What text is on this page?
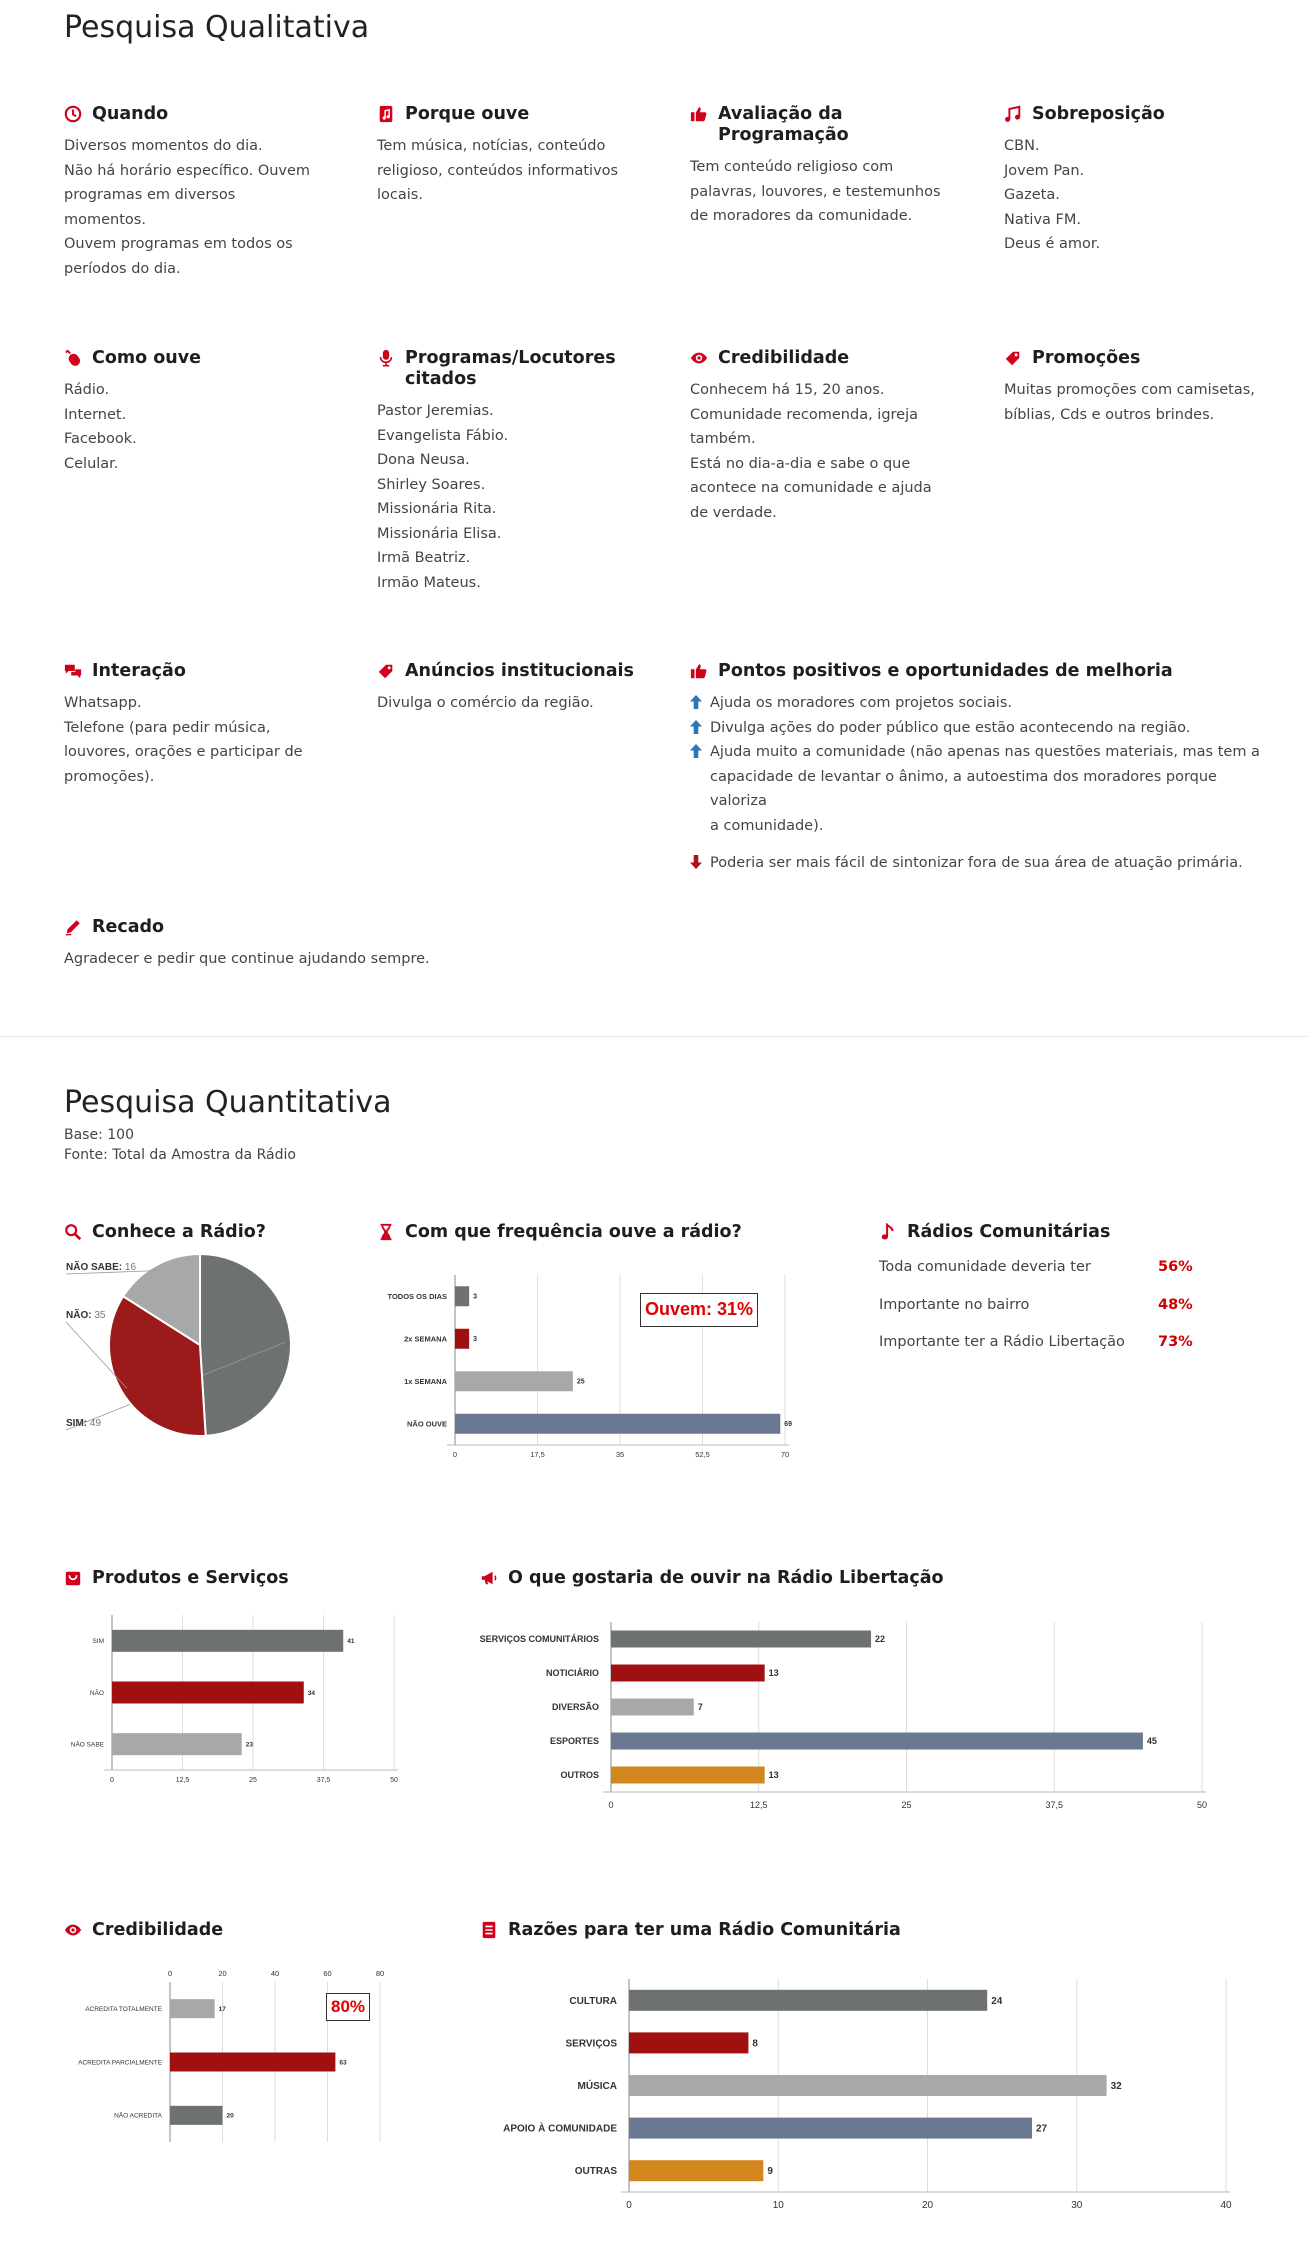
Pesquisa Qualitativa
Quando
Diversos momentos do dia.
Não há horário específico. Ouvem
programas em diversos
momentos.
Ouvem programas em todos os
períodos do dia.
Porque ouve
Tem música, notícias, conteúdo
religioso, conteúdos informativos
locais.
Avaliação da
Programação
Tem conteúdo religioso com
palavras, louvores, e testemunhos
de moradores da comunidade.
Sobreposição
CBN.
Jovem Pan.
Gazeta.
Nativa FM.
Deus é amor.
Como ouve
Rádio.
Internet.
Facebook.
Celular.
Programas/Locutores
citados
Pastor Jeremias.
Evangelista Fábio.
Dona Neusa.
Shirley Soares.
Missionária Rita.
Missionária Elisa.
Irmã Beatriz.
Irmão Mateus.
Credibilidade
Conhecem há 15, 20 anos.
Comunidade recomenda, igreja
também.
Está no dia-a-dia e sabe o que
acontece na comunidade e ajuda
de verdade.
Promoções
Muitas promoções com camisetas,
bíblias, Cds e outros brindes.
Interação
Whatsapp.
Telefone (para pedir música,
louvores, orações e participar de
promoções).
Anúncios institucionais
Divulga o comércio da região.
Pontos positivos e oportunidades de melhoria
Ajuda os moradores com projetos sociais.
Divulga ações do poder público que estão acontecendo na região.
Ajuda muito a comunidade (não apenas nas questões materiais, mas tem a
capacidade de levantar o ânimo, a autoestima dos moradores porque valoriza
a comunidade).
Poderia ser mais fácil de sintonizar fora de sua área de atuação primária.
Recado
Agradecer e pedir que continue ajudando sempre.
Pesquisa Quantitativa
Base: 100
Fonte: Total da Amostra da Rádio
Conhece a Rádio?
SIM: 49
NÃO: 35
NÃO SABE: 16
Com que frequência ouve a rádio?
0	17,5	35	52,5	70
TODOS OS DIAS	3
2x SEMANA	3
1x SEMANA	25
NÃO OUVE	69
Ouvem: 31%
Rádios Comunitárias
Toda comunidade deveria ter	56%
Importante no bairro	48%
Importante ter a Rádio Libertação 73%
Produtos e Serviços
0	12,5	25	37,5	50
SIM	41
NÃO	34
NÃO SABE	23
O que gostaria de ouvir na Rádio Libertação
0	12,5	25	37,5	50
SERVIÇOS COMUNITÁRIOS	22
NOTICIÁRIO	13
DIVERSÃO	7
ESPORTES	45
OUTROS	13
Credibilidade
0	20	40	60	80
ACREDITA TOTALMENTE	17
ACREDITA PARCIALMENTE	63
NÃO ACREDITA	20
80%
Razões para ter uma Rádio Comunitária
0	10	20	30	40
CULTURA	24
SERVIÇOS	8
MÚSICA	32
APOIO À COMUNIDADE	27
OUTRAS	9
